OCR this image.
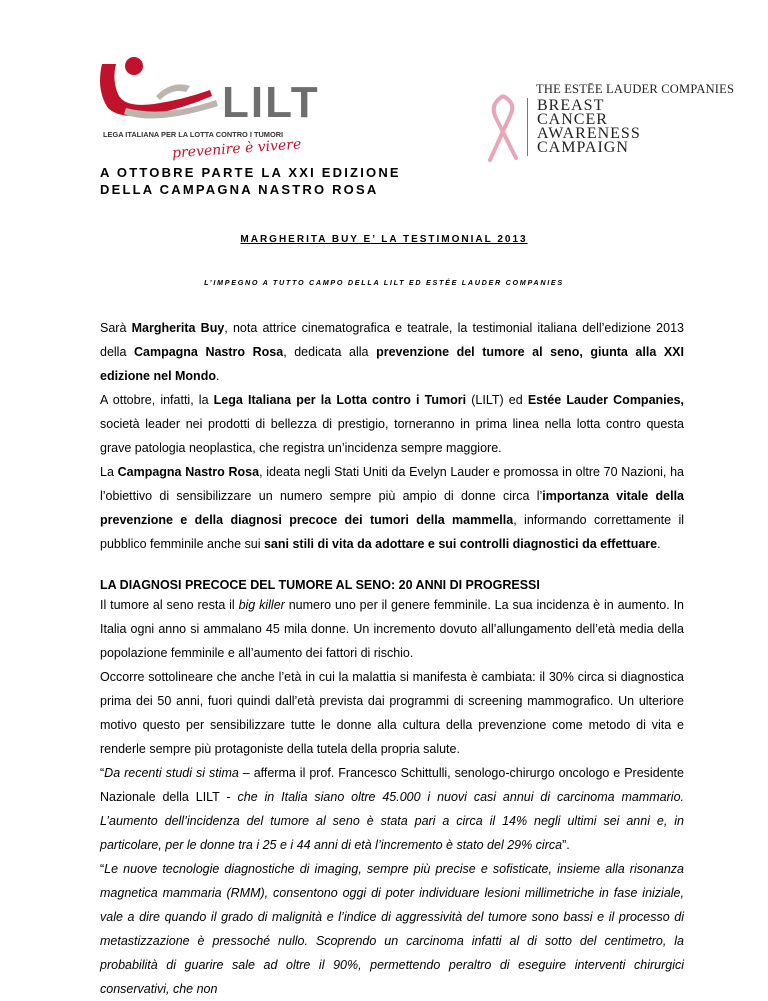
LILT
LEGA ITALIANA PER LA LOTTA CONTRO I TUMORI
prevenire è vivere
THE ESTĒE LAUDER COMPANIES
BREAST
CANCER
AWARENESS
CAMPAIGN
A OTTOBRE PARTE LA XXI EDIZIONE
DELLA CAMPAGNA NASTRO ROSA
MARGHERITA BUY E’ LA TESTIMONIAL 2013
L’IMPEGNO A TUTTO CAMPO DELLA LILT ED ESTÉE LAUDER COMPANIES
Sarà Margherita Buy, nota attrice cinematografica e teatrale, la testimonial italiana dell’edizione 2013 della Campagna Nastro Rosa, dedicata alla prevenzione del tumore al seno, giunta alla XXI edizione nel Mondo.
A ottobre, infatti, la Lega Italiana per la Lotta contro i Tumori (LILT) ed Estée Lauder Companies, società leader nei prodotti di bellezza di prestigio, torneranno in prima linea nella lotta contro questa grave patologia neoplastica, che registra un’incidenza sempre maggiore.
La Campagna Nastro Rosa, ideata negli Stati Uniti da Evelyn Lauder e promossa in oltre 70 Nazioni, ha l’obiettivo di sensibilizzare un numero sempre più ampio di donne circa l’importanza vitale della prevenzione e della diagnosi precoce dei tumori della mammella, informando correttamente il pubblico femminile anche sui sani stili di vita da adottare e sui controlli diagnostici da effettuare.
LA DIAGNOSI PRECOCE DEL TUMORE AL SENO: 20 ANNI DI PROGRESSI
Il tumore al seno resta il big killer numero uno per il genere femminile. La sua incidenza è in aumento. In Italia ogni anno si ammalano 45 mila donne. Un incremento dovuto all’allungamento dell’età media della popolazione femminile e all’aumento dei fattori di rischio.
Occorre sottolineare che anche l’età in cui la malattia si manifesta è cambiata: il 30% circa si diagnostica prima dei 50 anni, fuori quindi dall’età prevista dai programmi di screening mammografico. Un ulteriore motivo questo per sensibilizzare tutte le donne alla cultura della prevenzione come metodo di vita e renderle sempre più protagoniste della tutela della propria salute.
“Da recenti studi si stima – afferma il prof. Francesco Schittulli, senologo-chirurgo oncologo e Presidente Nazionale della LILT - che in Italia siano oltre 45.000 i nuovi casi annui di carcinoma mammario. L’aumento dell’incidenza del tumore al seno è stata pari a circa il 14% negli ultimi sei anni e, in particolare, per le donne tra i 25 e i 44 anni di età l’incremento è stato del 29% circa”.
“Le nuove tecnologie diagnostiche di imaging, sempre più precise e sofisticate, insieme alla risonanza magnetica mammaria (RMM), consentono oggi di poter individuare lesioni millimetriche in fase iniziale, vale a dire quando il grado di malignità e l’indice di aggressività del tumore sono bassi e il processo di metastizzazione è pressoché nullo. Scoprendo un carcinoma infatti al di sotto del centimetro, la probabilità di guarire sale ad oltre il 90%, permettendo peraltro di eseguire interventi chirurgici conservativi, che non
